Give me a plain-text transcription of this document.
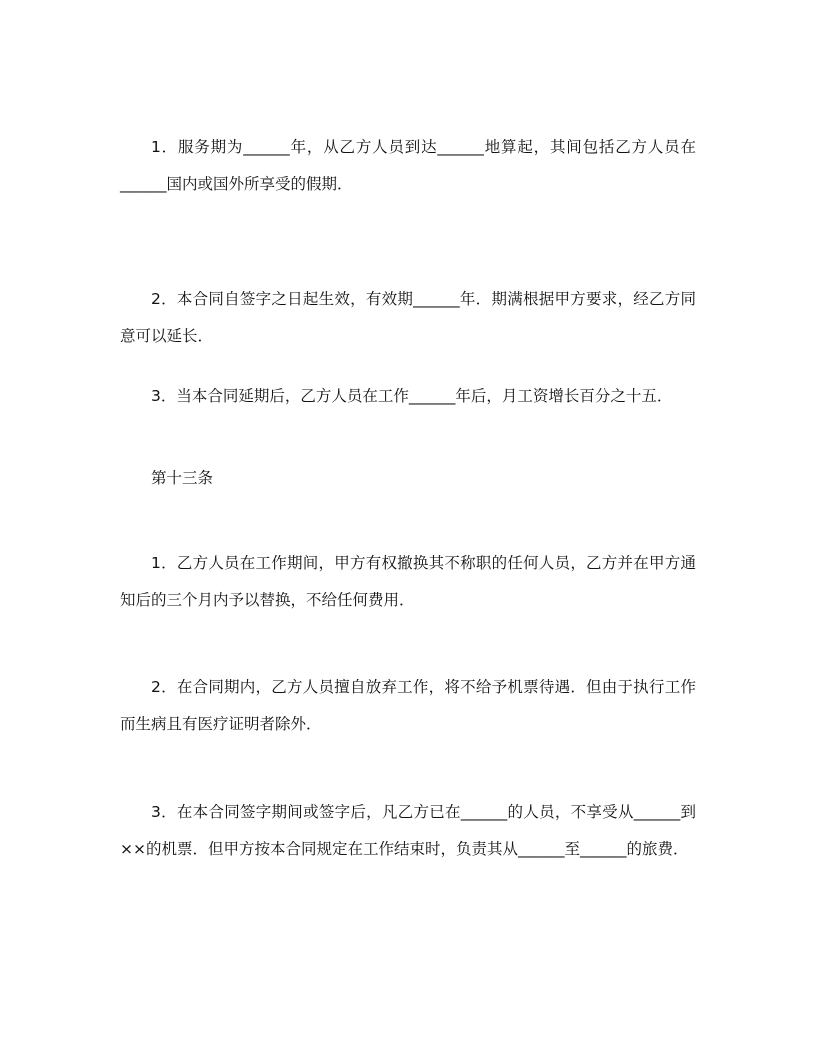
1．服务期为______年，从乙方人员到达______地算起，其间包括乙方人员在______国内或国外所享受的假期．

2．本合同自签字之日起生效，有效期______年．期满根据甲方要求，经乙方同意可以延长．

3．当本合同延期后，乙方人员在工作______年后，月工资增长百分之十五．

第十三条

1．乙方人员在工作期间，甲方有权撤换其不称职的任何人员，乙方并在甲方通知后的三个月内予以替换，不给任何费用．

2．在合同期内，乙方人员擅自放弃工作，将不给予机票待遇．但由于执行工作而生病且有医疗证明者除外．

3．在本合同签字期间或签字后，凡乙方已在______的人员，不享受从______到××的机票．但甲方按本合同规定在工作结束时，负责其从______至______的旅费．
